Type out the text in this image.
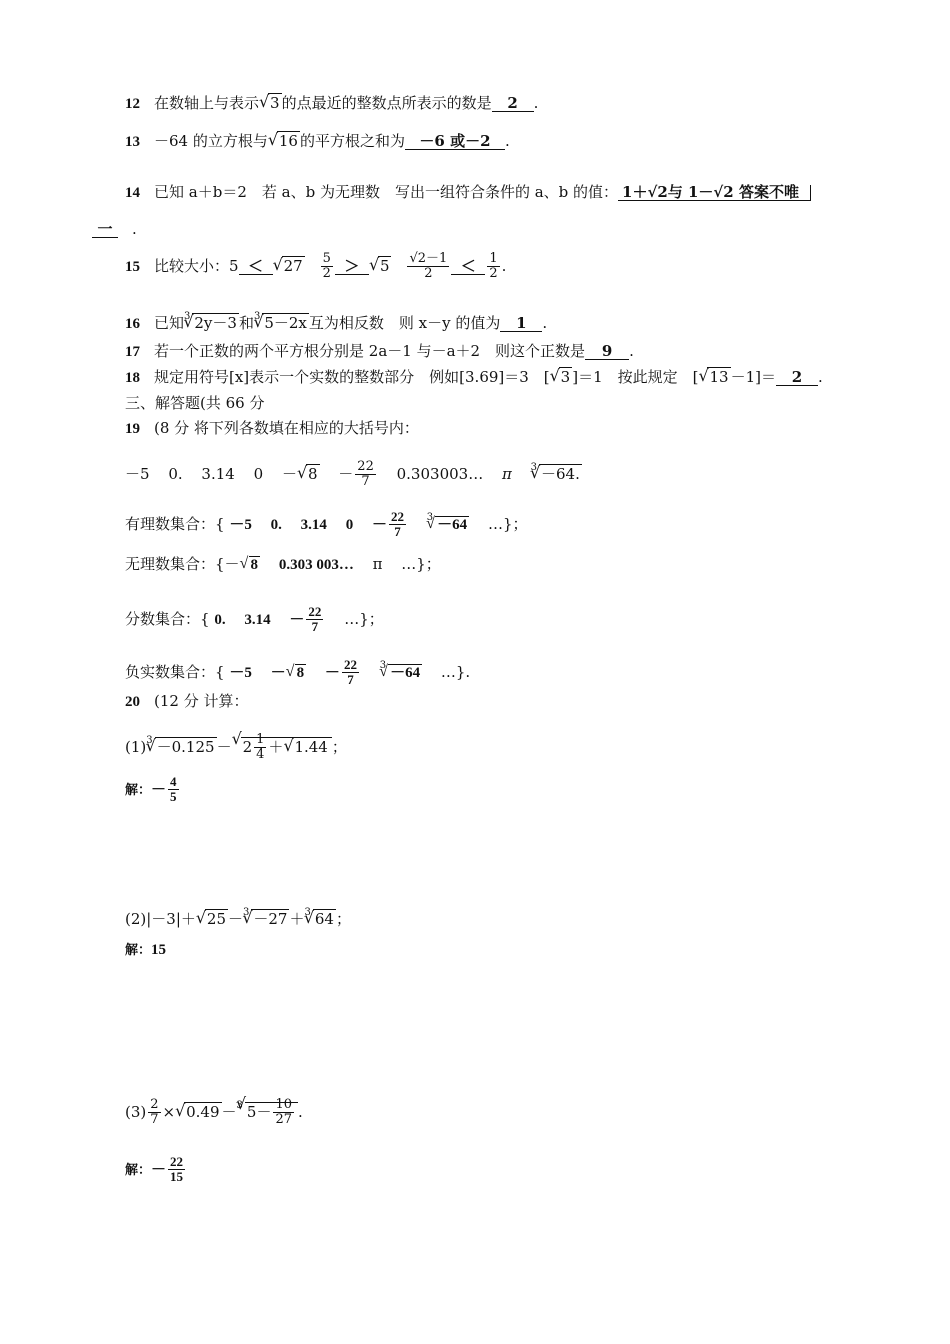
12 在数轴上与表示√ 3 的点最近的整数点所表示的数是 2 .
13 －64 的立方根与√ 16 的平方根之和为 －6 或－2 .
14 已知 a＋b＝2　若 a、b 为无理数　写出一组符合条件的 a、b 的值： 1＋√2与 1－√2 答案不唯
一 .
15 比较大小：5 ＜√ $27 \frac{5}{2}$ ＞√ $5 \frac{√2-1}{2} < \frac{1}{2}$ .
16 已知$^3$√ 2y－3 和$^3$√ 5－2x 互为相反数　则 x－y 的值为 1 .
17 若一个正数的两个平方根分别是 2a－1 与－a＋2　则这个正数是 9 .
18 规定用符号[x]表示一个实数的整数部分　例如[3.69]＝3　[√ 3 ]＝1　按此规定　[√ 13 －1]＝ 2 .
三、解答题(共 66 分
19 (8 分 将下列各数填在相应的大括号内：
－5 0. 3.14 0 －√ $8 - \frac{22}{7}$ 0.303003… π $^3$√ －64.
有理数集合：{ －5 0. 3.14 $0 - \frac{22}{7} ^3√ -64$ …}；
无理数集合：{－√ 8 0.303 003… π …}；
分数集合：{ 0. $3.14 - \frac{22}{7}$ …}；
负实数集合：{ －5 －√ $8 - \frac{22}{7} ^3√ -64$ …}.
20 (12 分 计算：
$(1)^3√ -0.125$ －√ $2 \frac{1}{4}$ ＋√ 1.44 ；
解：－ $\frac{4}{5}$
(2)|－3|＋√ 25 －$^3$√ －27 ＋$^3$√ 64 ；
解：15
$(3) \frac{2}{7}$ ×√ 0.49 －$^3$√ $5- \frac{10}{27}$ .
解：－ $\frac{22}{15}$
